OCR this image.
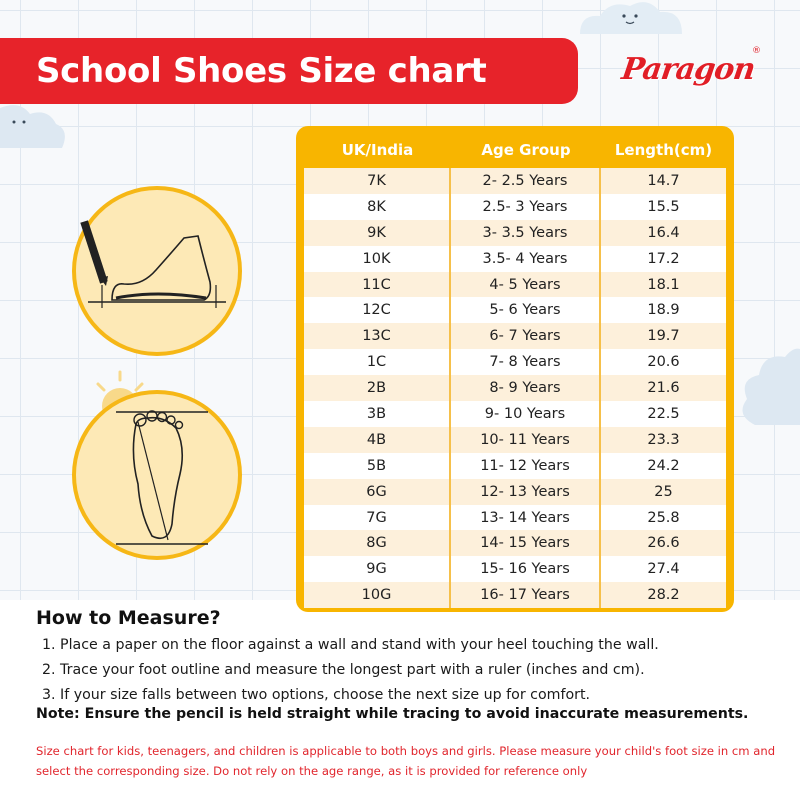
School Shoes Size chart	Paragon
®
UK/India	Age Group	Length(cm)
7K	2- 2.5 Years	14.7
8K	2.5- 3 Years	15.5
9K	3- 3.5 Years	16.4
10K	3.5- 4 Years	17.2
11C	4- 5 Years	18.1
12C	5- 6 Years	18.9
13C	6- 7 Years	19.7
1C	7- 8 Years	20.6
2B	8- 9 Years	21.6
3B	9- 10 Years	22.5
4B	10- 11 Years	23.3
5B	11- 12 Years	24.2
6G	12- 13 Years	25
7G	13- 14 Years	25.8
8G	14- 15 Years	26.6
9G	15- 16 Years	27.4
10G	16- 17 Years	28.2
How to Measure?
1. Place a paper on the floor against a wall and stand with your heel touching the wall.
2. Trace your foot outline and measure the longest part with a ruler (inches and cm).
3. If your size falls between two options, choose the next size up for comfort.
Note: Ensure the pencil is held straight while tracing to avoid inaccurate measurements.
Size chart for kids, teenagers, and children is applicable to both boys and girls. Please measure your child's foot size in cm and select the corresponding size. Do not rely on the age range, as it is provided for reference only
